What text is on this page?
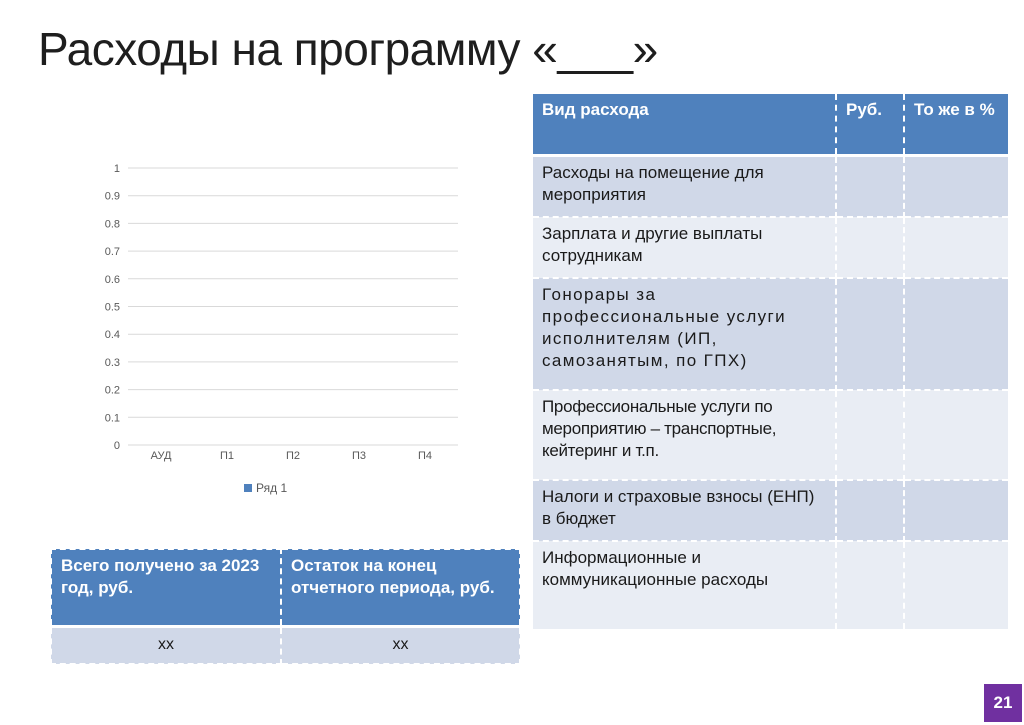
Расходы на программу «___»
0
0.1
0.2
0.3
0.4
0.5
0.6
0.7
0.8
0.9
1
АУД	П1	П2	П3	П4
Ряд 1
Вид расхода	Руб.	То же в %
Расходы на помещение для мероприятия		
Зарплата и другие выплаты сотрудникам		
Гонорары за профессиональные услуги исполнителям (ИП, самозанятым, по ГПХ)		
Профессиональные услуги по мероприятию – транспортные, кейтеринг и т.п.		
Налоги и страховые взносы (ЕНП) в бюджет		
Информационные и коммуникационные расходы		
Всего получено за 2023 год, руб.	Остаток на конец отчетного периода, руб.
хх	хх
21
